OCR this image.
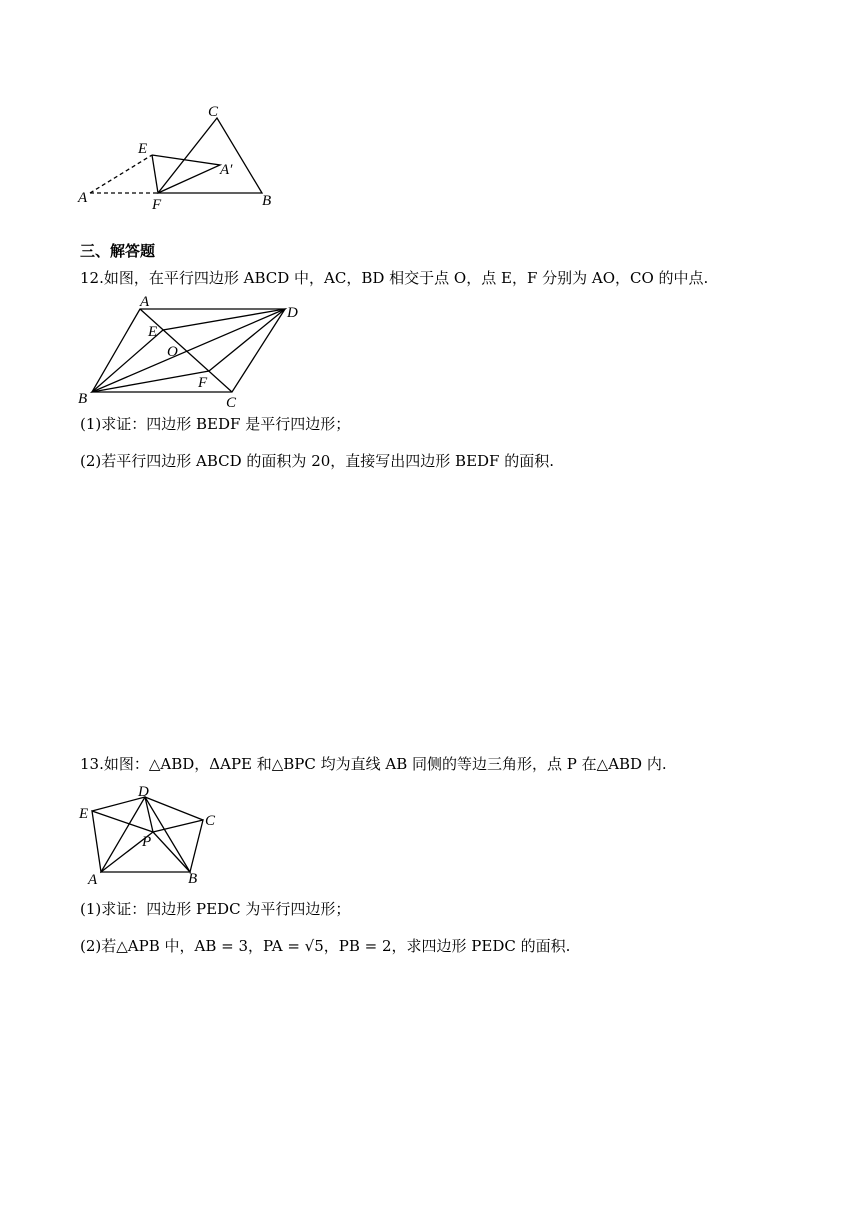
C
E
A′
A	F	B
三、解答题
12.如图，在平行四边形 ABCD 中，AC，BD 相交于点 O，点 E，F 分别为 AO，CO 的中点.
A
D
E
O
F
B	C
(1)求证：四边形 BEDF 是平行四边形；
(2)若平行四边形 ABCD 的面积为 20，直接写出四边形 BEDF 的面积.
13.如图：△ABD，ΔAPE 和△BPC 均为直线 AB 同侧的等边三角形，点 P 在△ABD 内.
D
E	C
P
A	B
(1)求证：四边形 PEDC 为平行四边形；
(2)若△APB 中，AB = 3，PA = √5，PB = 2，求四边形 PEDC 的面积.
